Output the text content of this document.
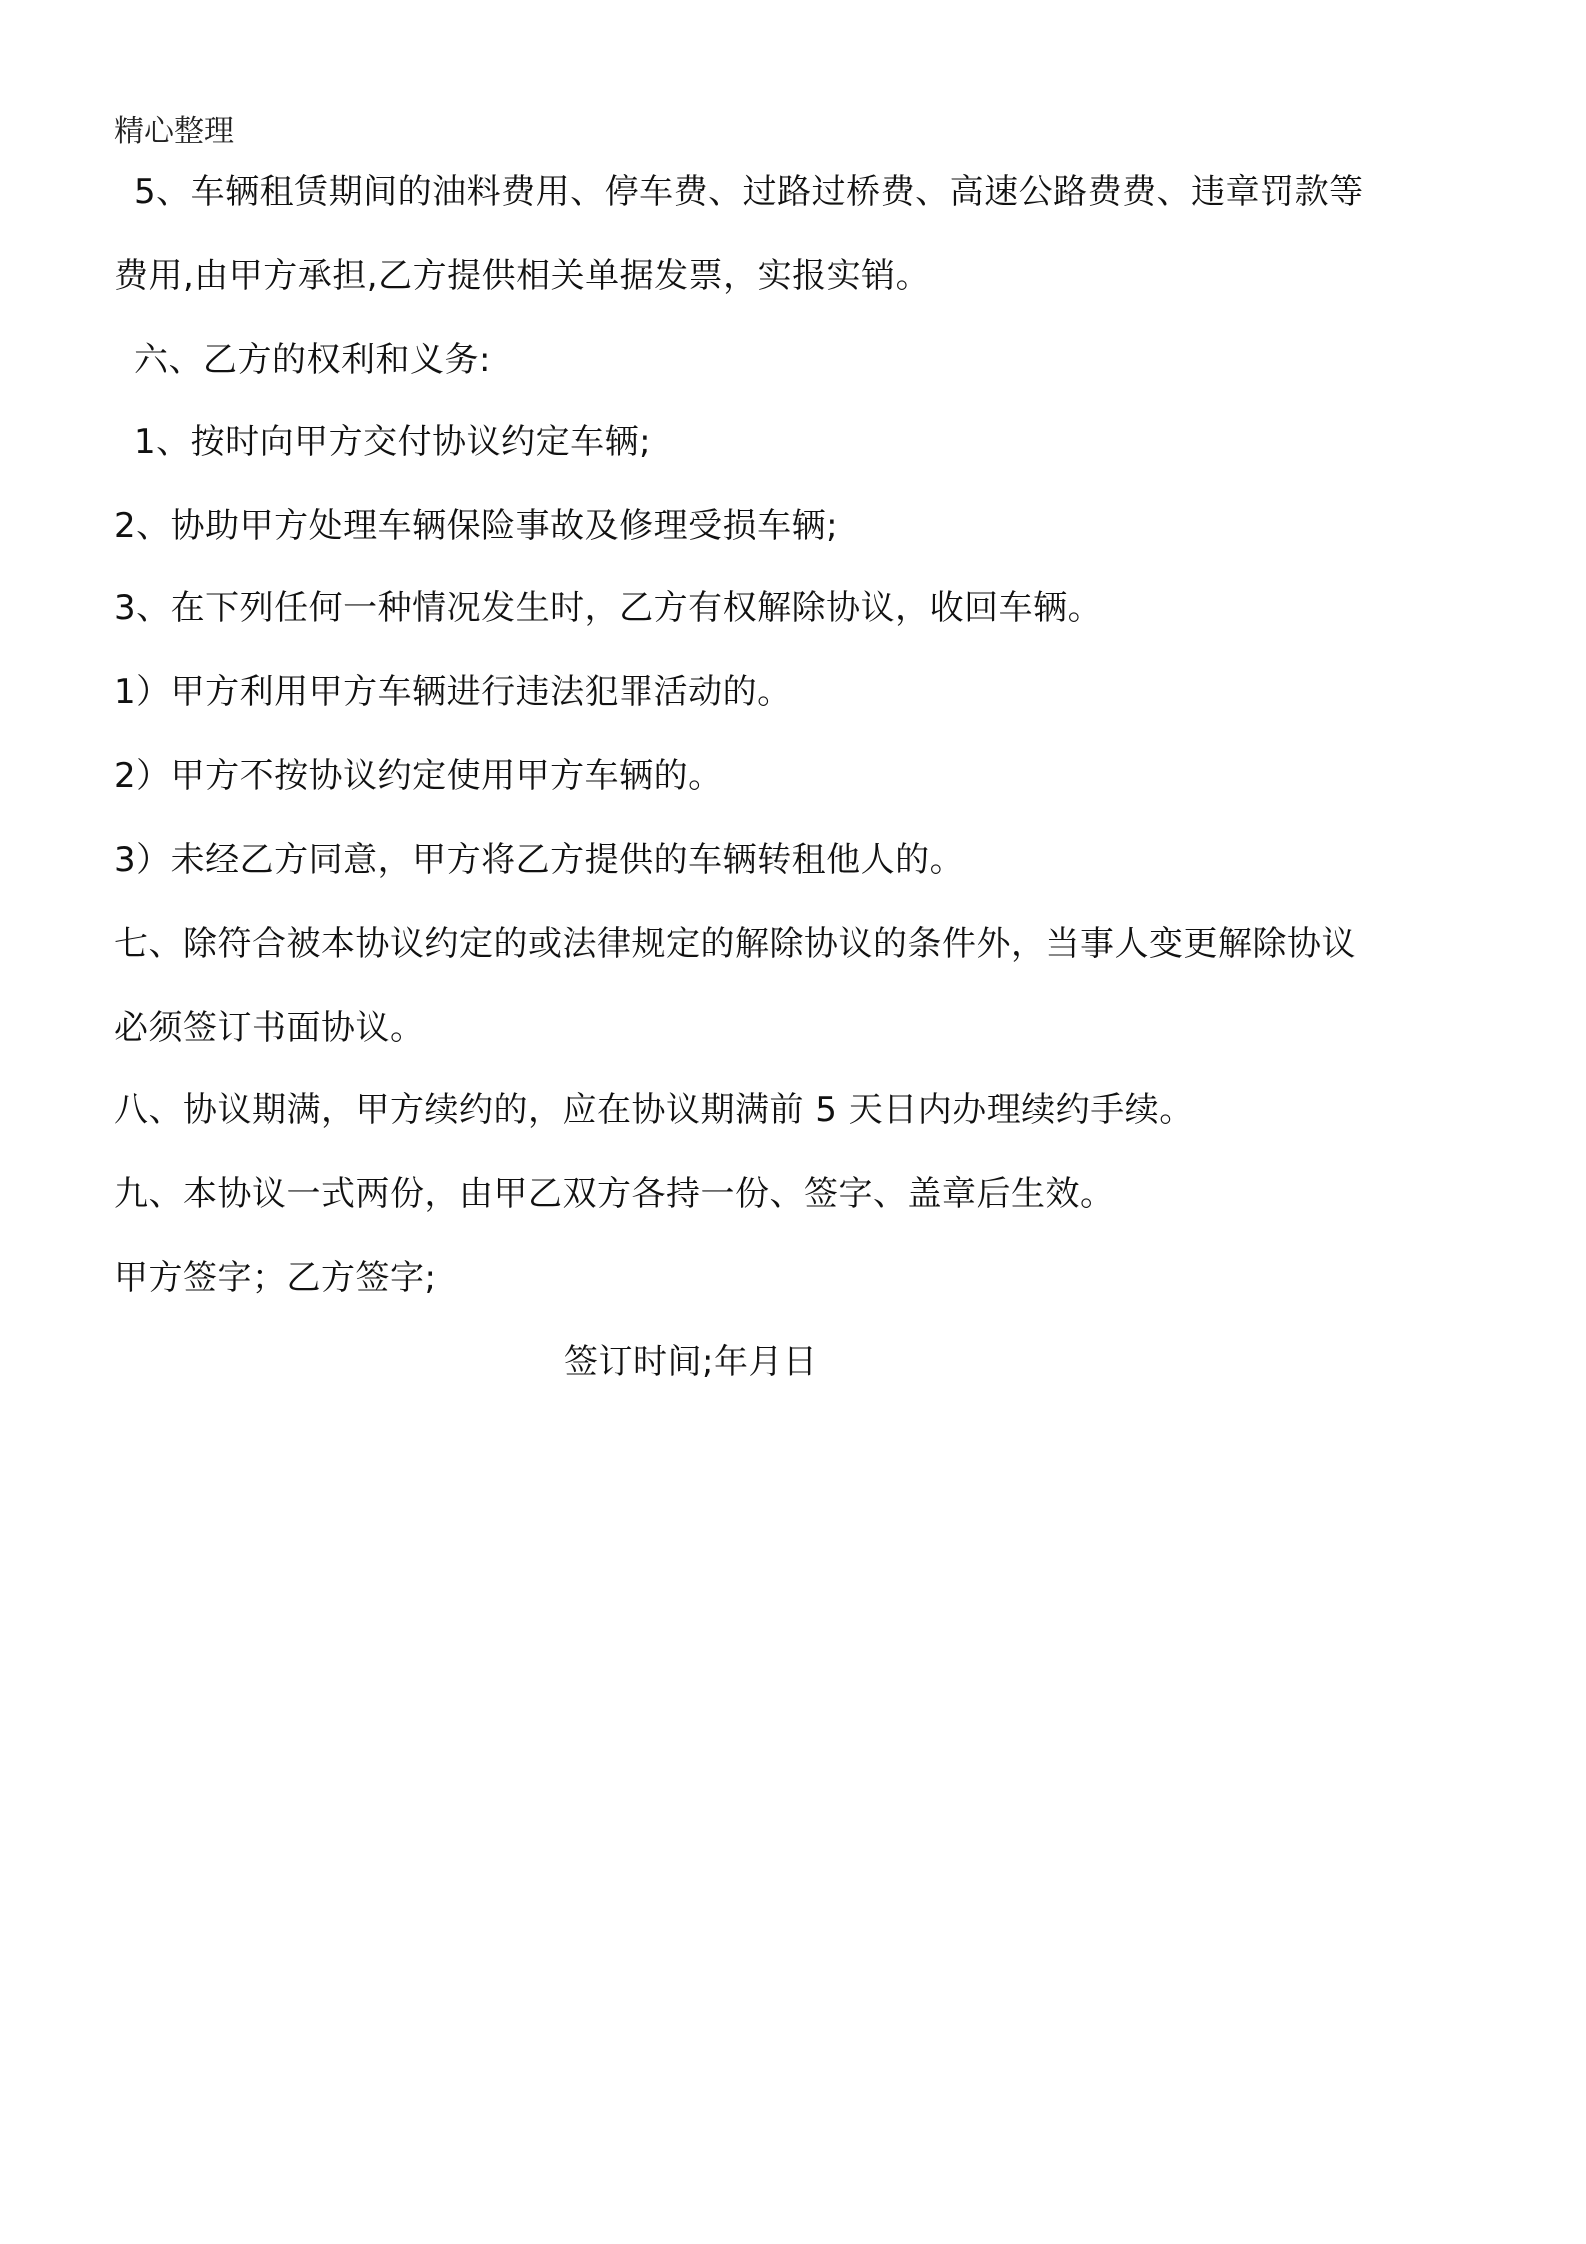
精心整理
5、车辆租赁期间的油料费用、停车费、过路过桥费、高速公路费费、违章罚款等
费用,由甲方承担,乙方提供相关单据发票，实报实销。
六、乙方的权利和义务:
1、按时向甲方交付协议约定车辆;
2、协助甲方处理车辆保险事故及修理受损车辆;
3、在下列任何一种情况发生时，乙方有权解除协议，收回车辆。
1）甲方利用甲方车辆进行违法犯罪活动的。
2）甲方不按协议约定使用甲方车辆的。
3）未经乙方同意，甲方将乙方提供的车辆转租他人的。
七、除符合被本协议约定的或法律规定的解除协议的条件外，当事人变更解除协议
必须签订书面协议。
八、协议期满，甲方续约的，应在协议期满前 5 天日内办理续约手续。
九、本协议一式两份，由甲乙双方各持一份、签字、盖章后生效。
甲方签字；乙方签字;
签订时间;年月日
